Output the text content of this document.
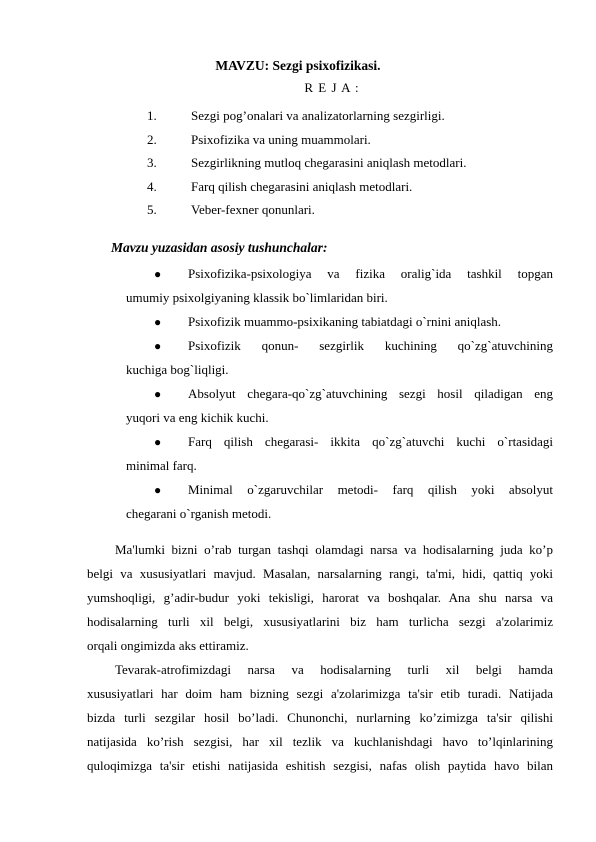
MAVZU: Sezgi psixofizikasi.
R E J A :
1.	Sezgi pog’onalari va analizatorlarning sezgirligi.
2.	Psixofizika va uning muammolari.
3.	Sezgirlikning mutloq chegarasini aniqlash metodlari.
4.	Farq qilish chegarasini aniqlash metodlari.
5.	Veber-fexner qonunlari.
Mavzu yuzasidan asosiy tushunchalar:
● Psixofizika-psixologiya va fizika oralig`ida tashkil topgan
umumiy psixolgiyaning klassik bo`limlaridan biri.
● Psixofizik muammo-psixikaning tabiatdagi o`rnini aniqlash.
● Psixofizik qonun- sezgirlik kuchining qo`zg`atuvchining
kuchiga bog`liqligi.
● Absolyut chegara-qo`zg`atuvchining sezgi hosil qiladigan eng
yuqori va eng kichik kuchi.
● Farq qilish chegarasi- ikkita qo`zg`atuvchi kuchi o`rtasidagi
minimal farq.
● Minimal o`zgaruvchilar metodi- farq qilish yoki absolyut
chegarani o`rganish metodi.
Ma'lumki bizni o’rab turgan tashqi olamdagi narsa va hodisalarning juda ko’p
belgi va xususiyatlari mavjud. Masalan, narsalarning rangi, ta'mi, hidi, qattiq yoki
yumshoqligi, g’adir-budur yoki tekisligi, harorat va boshqalar. Ana shu narsa va
hodisalarning turli xil belgi, xususiyatlarini biz ham turlicha sezgi a'zolarimiz
orqali ongimizda aks ettiramiz.
Tevarak-atrofimizdagi narsa va hodisalarning turli xil belgi hamda
xususiyatlari har doim ham bizning sezgi a'zolarimizga ta'sir etib turadi. Natijada
bizda turli sezgilar hosil bo’ladi. Chunonchi, nurlarning ko’zimizga ta'sir qilishi
natijasida ko’rish sezgisi, har xil tezlik va kuchlanishdagi havo to’lqinlarining
quloqimizga ta'sir etishi natijasida eshitish sezgisi, nafas olish paytida havo bilan
